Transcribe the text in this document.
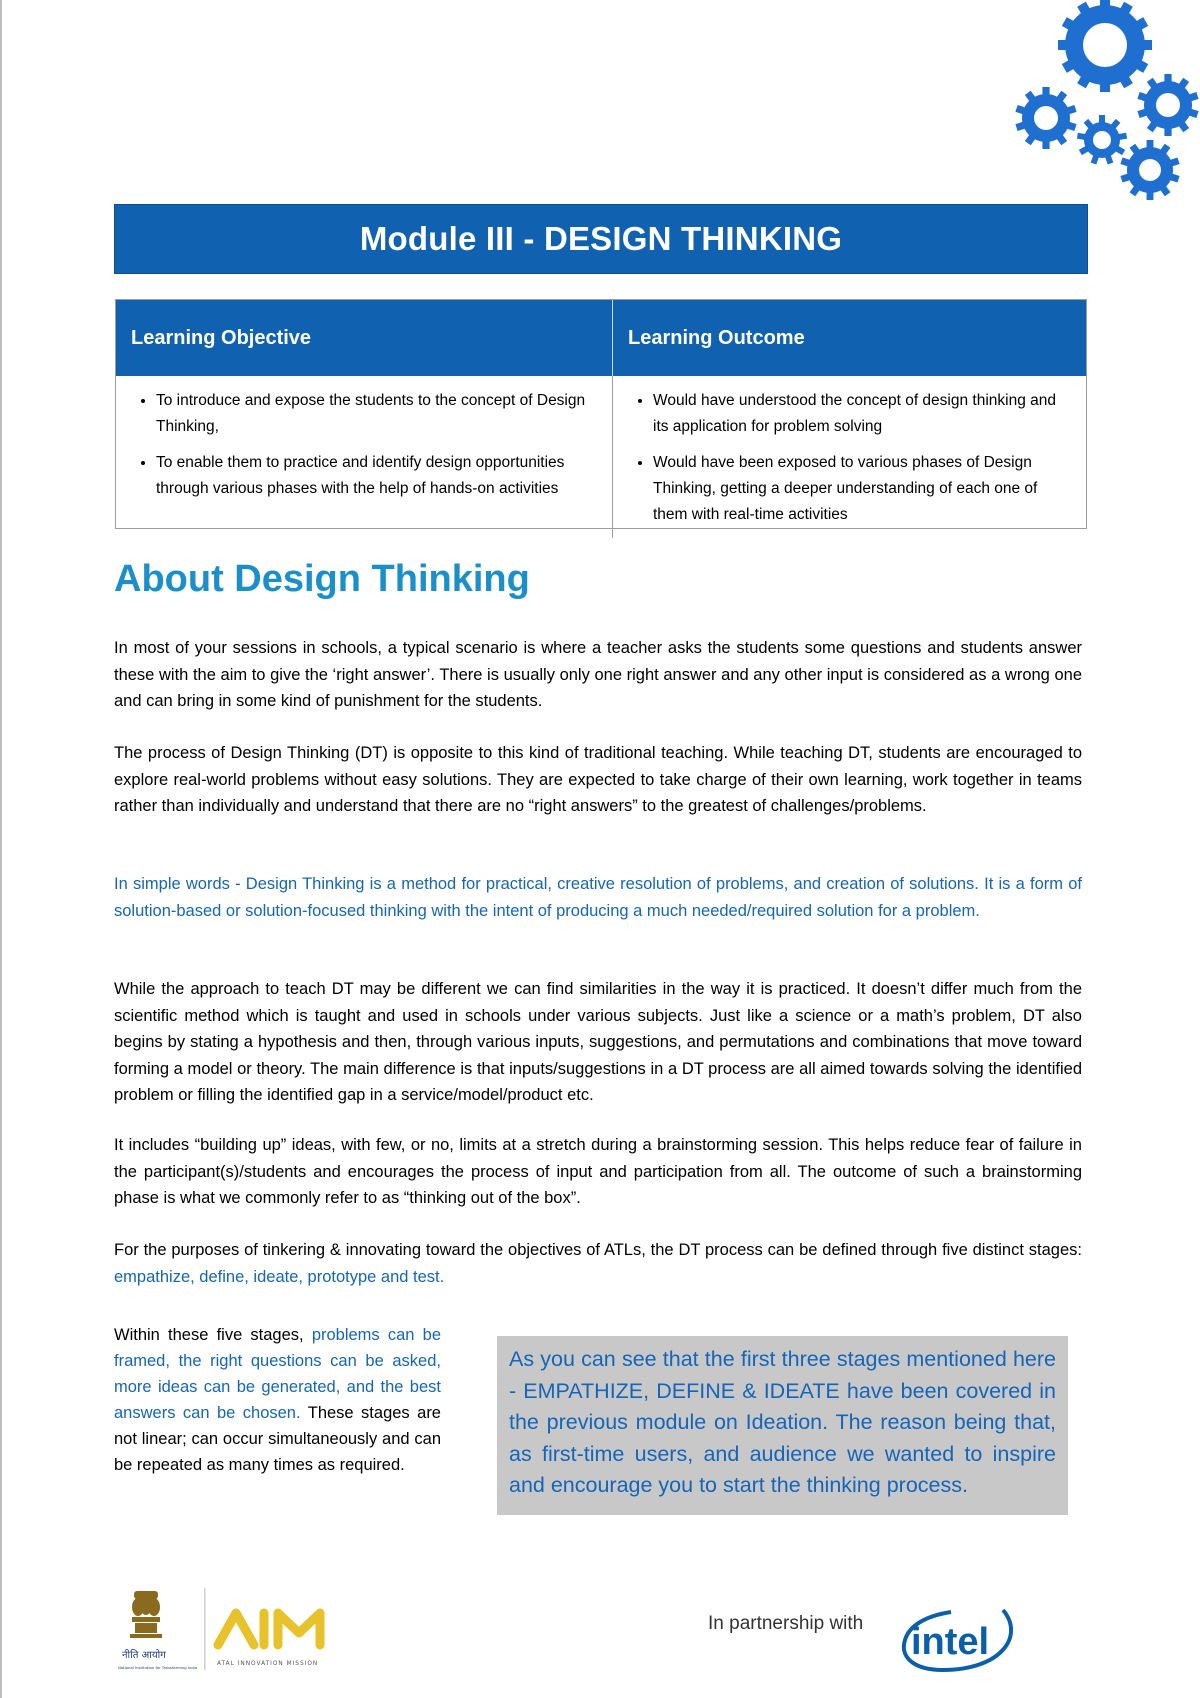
Module III - DESIGN THINKING
Learning Objective	Learning Outcome
• To introduce and expose the students to the concept of Design Thinking,
• To enable them to practice and identify design opportunities through various phases with the help of hands-on activities
• Would have understood the concept of design thinking and its application for problem solving
• Would have been exposed to various phases of Design Thinking, getting a deeper understanding of each one of them with real-time activities
About Design Thinking

In most of your sessions in schools, a typical scenario is where a teacher asks the students some questions and students answer these with the aim to give the ‘right answer’. There is usually only one right answer and any other input is considered as a wrong one and can bring in some kind of punishment for the students.

The process of Design Thinking (DT) is opposite to this kind of traditional teaching. While teaching DT, students are encouraged to explore real-world problems without easy solutions. They are expected to take charge of their own learning, work together in teams rather than individually and understand that there are no “right answers” to the greatest of challenges/problems.

In simple words - Design Thinking is a method for practical, creative resolution of problems, and creation of solutions. It is a form of solution-based or solution-focused thinking with the intent of producing a much needed/required solution for a problem.

While the approach to teach DT may be different we can find similarities in the way it is practiced. It doesn’t differ much from the scientific method which is taught and used in schools under various subjects. Just like a science or a math’s problem, DT also begins by stating a hypothesis and then, through various inputs, suggestions, and permutations and combinations that move toward forming a model or theory. The main difference is that inputs/suggestions in a DT process are all aimed towards solving the identified problem or filling the identified gap in a service/model/product etc.

It includes “building up” ideas, with few, or no, limits at a stretch during a brainstorming session. This helps reduce fear of failure in the participant(s)/students and encourages the process of input and participation from all. The outcome of such a brainstorming phase is what we commonly refer to as “thinking out of the box”.

For the purposes of tinkering & innovating toward the objectives of ATLs, the DT process can be defined through five distinct stages: empathize, define, ideate, prototype and test.

Within these five stages, problems can be framed, the right questions can be asked, more ideas can be generated, and the best answers can be chosen. These stages are not linear; can occur simultaneously and can be repeated as many times as required.

As you can see that the first three stages mentioned here - EMPATHIZE, DEFINE & IDEATE have been covered in the previous module on Ideation. The reason being that, as first-time users, and audience we wanted to inspire and encourage you to start the thinking process.

नीति आयोग
National Institution for Transforming India
ATAL INNOVATION MISSION
In partnership with intel
